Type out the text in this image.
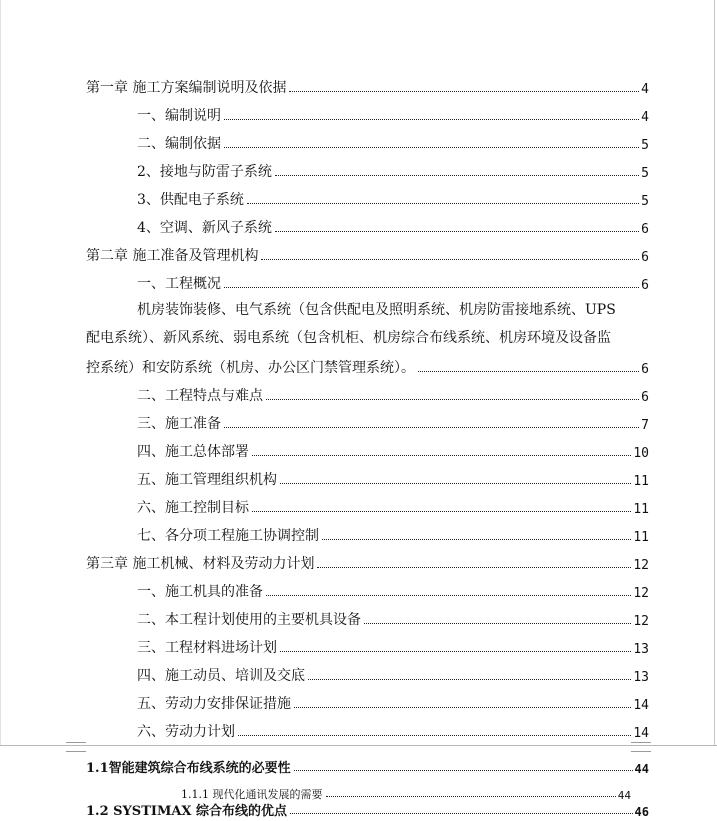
第一章 施工方案编制说明及依据	4
一、编制说明	4
二、编制依据	5
2、接地与防雷子系统	5
3、供配电子系统	5
4、空调、新风子系统	6
第二章 施工准备及管理机构	6
一、工程概况	6
机房装饰装修、电气系统（包含供配电及照明系统、机房防雷接地系统、UPS
配电系统）、新风系统、弱电系统（包含机柜、机房综合布线系统、机房环境及设备监
控系统）和安防系统（机房、办公区门禁管理系统）。	6
二、工程特点与难点	6
三、施工准备	7
四、施工总体部署	10
五、施工管理组织机构	11
六、施工控制目标	11
七、各分项工程施工协调控制	11
第三章 施工机械、材料及劳动力计划	12
一、施工机具的准备	12
二、本工程计划使用的主要机具设备	12
三、工程材料进场计划	13
四、施工动员、培训及交底	13
五、劳动力安排保证措施	14
六、劳动力计划	14
1.1智能建筑综合布线系统的必要性	44
1.1.1 现代化通讯发展的需要	44
1.2 SYSTIMAX 综合布线的优点	46
